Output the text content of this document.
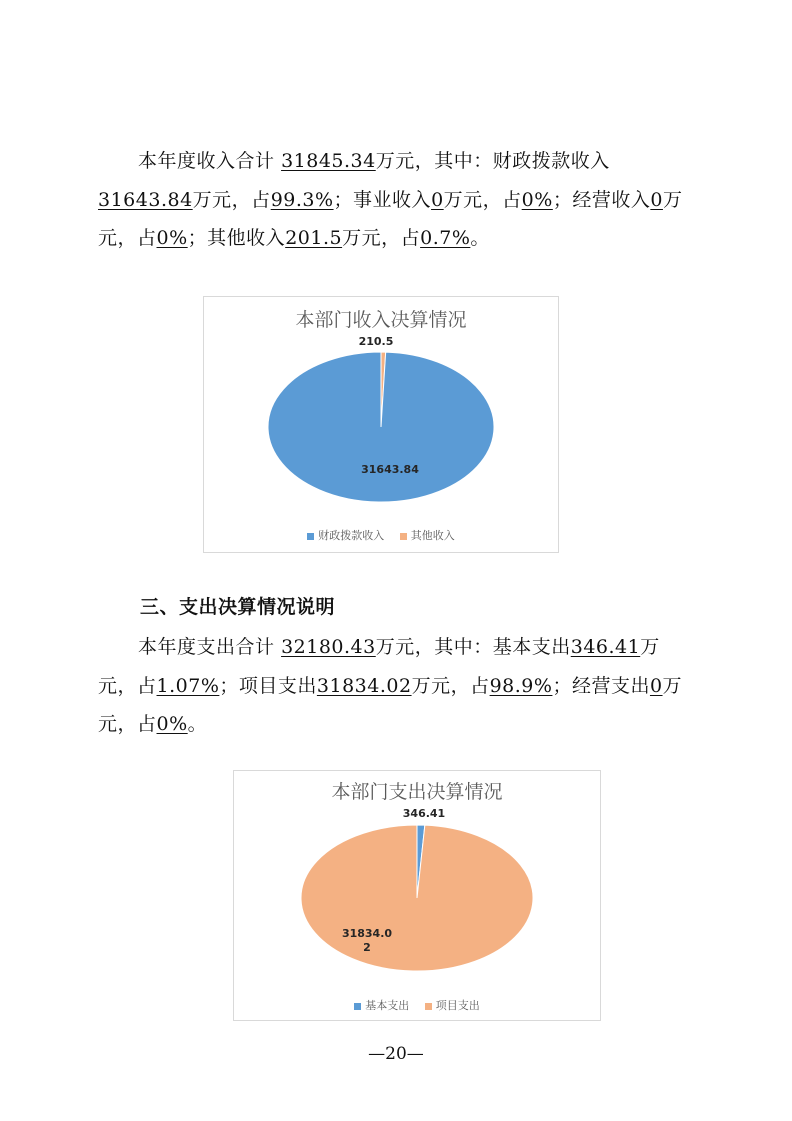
本年度收入合计 31845.34万元，其中：财政拨款收入31643.84万元，占99.3%；事业收入0万元，占0%；经营收入0万元，占0%；其他收入201.5万元，占0.7%。
本部门收入决算情况
31643.84
210.5
财政拨款收入 其他收入
三、支出决算情况说明
本年度支出合计 32180.43万元，其中：基本支出346.41万元，占1.07%；项目支出31834.02万元，占98.9%；经营支出0万元，占0%。
本部门支出决算情况
346.41
31834.0 2
基本支出 项目支出
—20—
